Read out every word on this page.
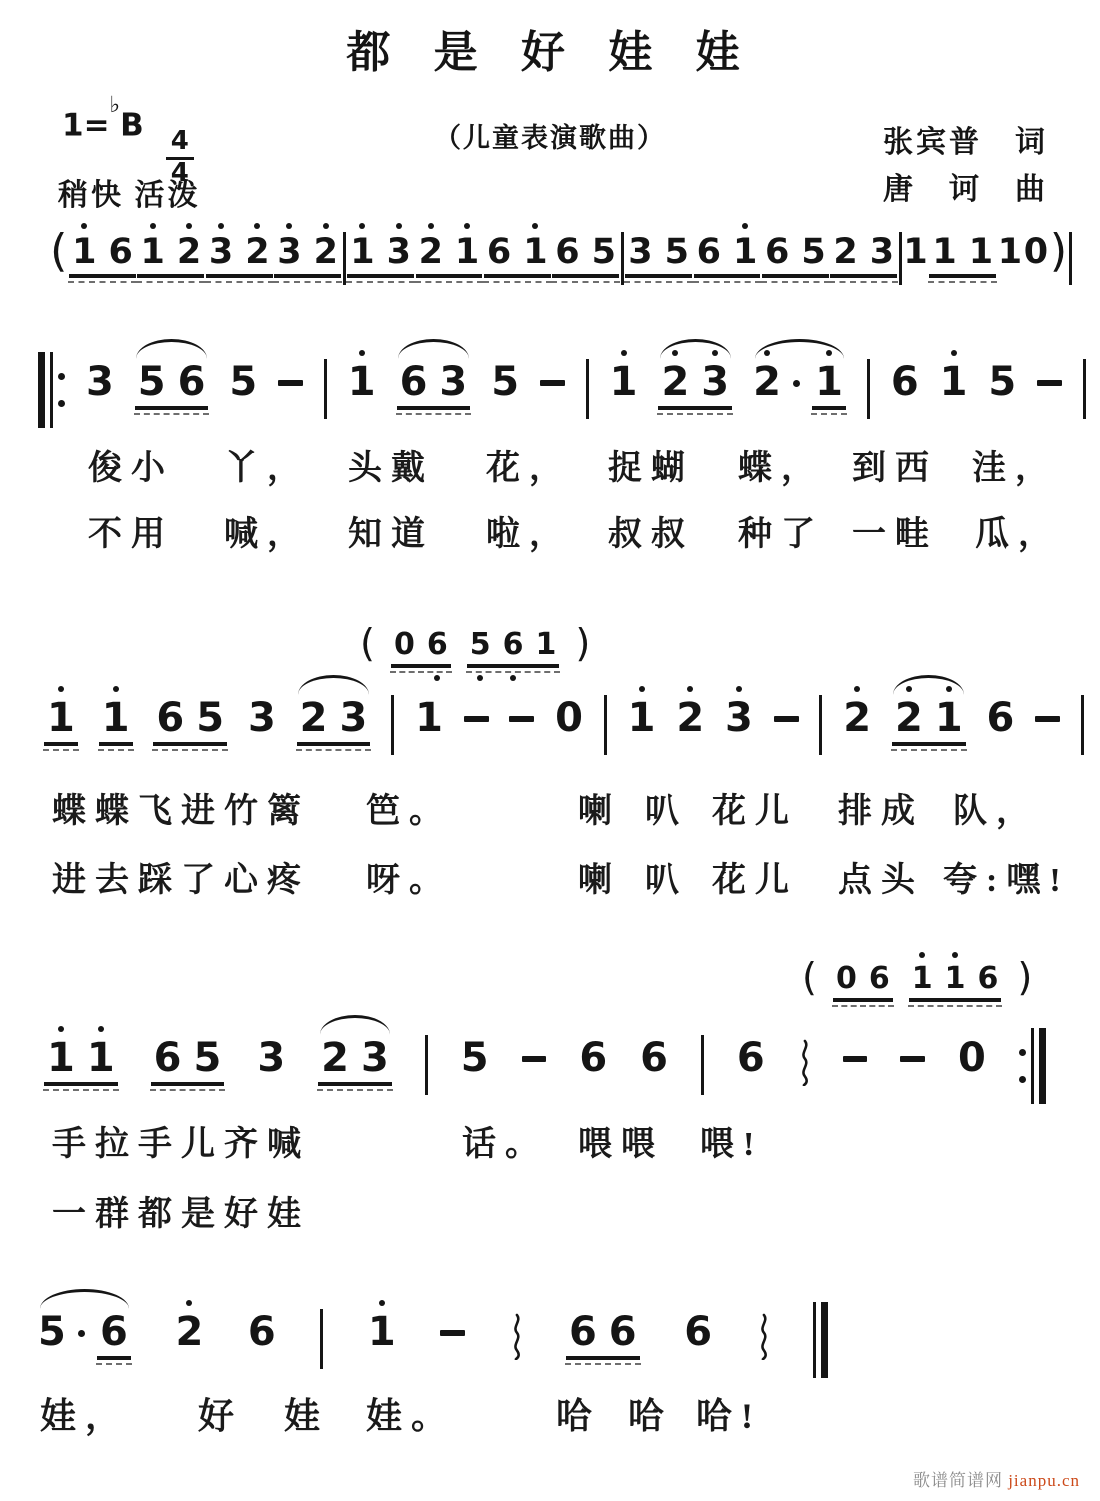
都 是 好 娃 娃
1=♭B
$\frac{4}{4}$	（儿童表演歌曲）	张宾普　词
唐　诃　曲
稍快 活泼
( 1 6 1 2 3 2 3 2 1 3 2 1 6 1 6 5 3 5 6 1 6 5 2 3 1 1 1 1 0 )
3 5 6 5 1 6 3 5 1 2 3 2 1 6 1 5
( 0 6 5 6 1 )
1 1 6 5 3 2 3 1	0 1 2 3 2 2 1 6
( 0 6 1 1 6 )
1 1 6 5 3 2 3 5 6 6 6	0
5 6 2 6 1	6 6 6
俊小 丫， 头戴 花， 捉蝴 蝶， 到西 洼，
不用 喊， 知道 啦， 叔叔 种了 一畦 瓜，
蝶蝶飞进竹篱 笆。	喇 叭 花儿 排成 队，
进去踩了心疼 呀。	喇 叭 花儿 点头 夸:嘿!
手拉手儿齐喊	话。 喂喂 喂!
一群都是好娃
娃， 好 娃 娃。	哈 哈 哈!
歌谱简谱网 jianpu.cn
